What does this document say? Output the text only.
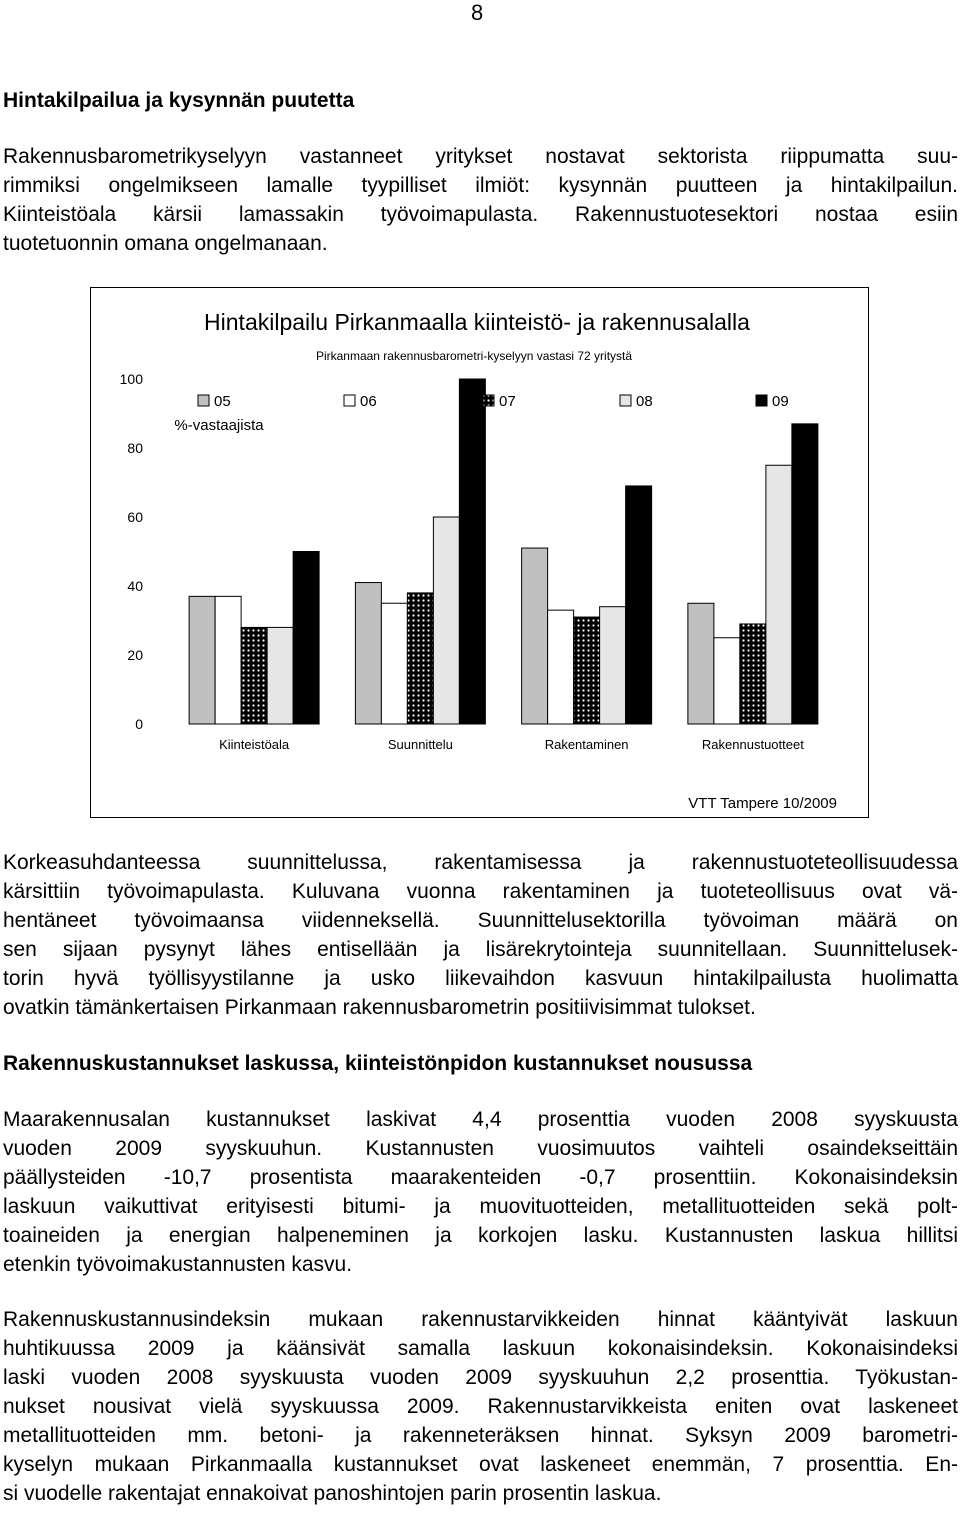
8
Hintakilpailua ja kysynnän puutetta
Rakennusbarometrikyselyyn vastanneet yritykset nostavat sektorista riippumatta suu-
rimmiksi ongelmikseen lamalle tyypilliset ilmiöt: kysynnän puutteen ja hintakilpailun.
Kiinteistöala kärsii lamassakin työvoimapulasta. Rakennustuotesektori nostaa esiin
tuotetuonnin omana ongelmanaan.
Hintakilpailu Pirkanmaalla kiinteistö- ja rakennusalalla
Pirkanmaan rakennusbarometri-kyselyyn vastasi 72 yritystä
%-vastaajista
VTT Tampere 10/2009
0
20
40
60
80
100
Kiinteistöala	Suunnittelu	Rakentaminen	Rakennustuotteet
05	06	07	08	09
Korkeasuhdanteessa suunnittelussa, rakentamisessa ja rakennustuoteteollisuudessa
kärsittiin työvoimapulasta. Kuluvana vuonna rakentaminen ja tuoteteollisuus ovat vä-
hentäneet työvoimaansa viidenneksellä. Suunnittelusektorilla työvoiman määrä on
sen sijaan pysynyt lähes entisellään ja lisärekrytointeja suunnitellaan. Suunnittelusek-
torin hyvä työllisyystilanne ja usko liikevaihdon kasvuun hintakilpailusta huolimatta
ovatkin tämänkertaisen Pirkanmaan rakennusbarometrin positiivisimmat tulokset.
Rakennuskustannukset laskussa, kiinteistönpidon kustannukset nousussa
Maarakennusalan kustannukset laskivat 4,4 prosenttia vuoden 2008 syyskuusta
vuoden 2009 syyskuuhun. Kustannusten vuosimuutos vaihteli osaindekseittäin
päällysteiden -10,7 prosentista maarakenteiden -0,7 prosenttiin. Kokonaisindeksin
laskuun vaikuttivat erityisesti bitumi- ja muovituotteiden, metallituotteiden sekä polt-
toaineiden ja energian halpeneminen ja korkojen lasku. Kustannusten laskua hillitsi
etenkin työvoimakustannusten kasvu.
Rakennuskustannusindeksin mukaan rakennustarvikkeiden hinnat kääntyivät laskuun
huhtikuussa 2009 ja käänsivät samalla laskuun kokonaisindeksin. Kokonaisindeksi
laski vuoden 2008 syyskuusta vuoden 2009 syyskuuhun 2,2 prosenttia. Työkustan-
nukset nousivat vielä syyskuussa 2009. Rakennustarvikkeista eniten ovat laskeneet
metallituotteiden mm. betoni- ja rakenneteräksen hinnat. Syksyn 2009 barometri-
kyselyn mukaan Pirkanmaalla kustannukset ovat laskeneet enemmän, 7 prosenttia. En-
si vuodelle rakentajat ennakoivat panoshintojen parin prosentin laskua.
